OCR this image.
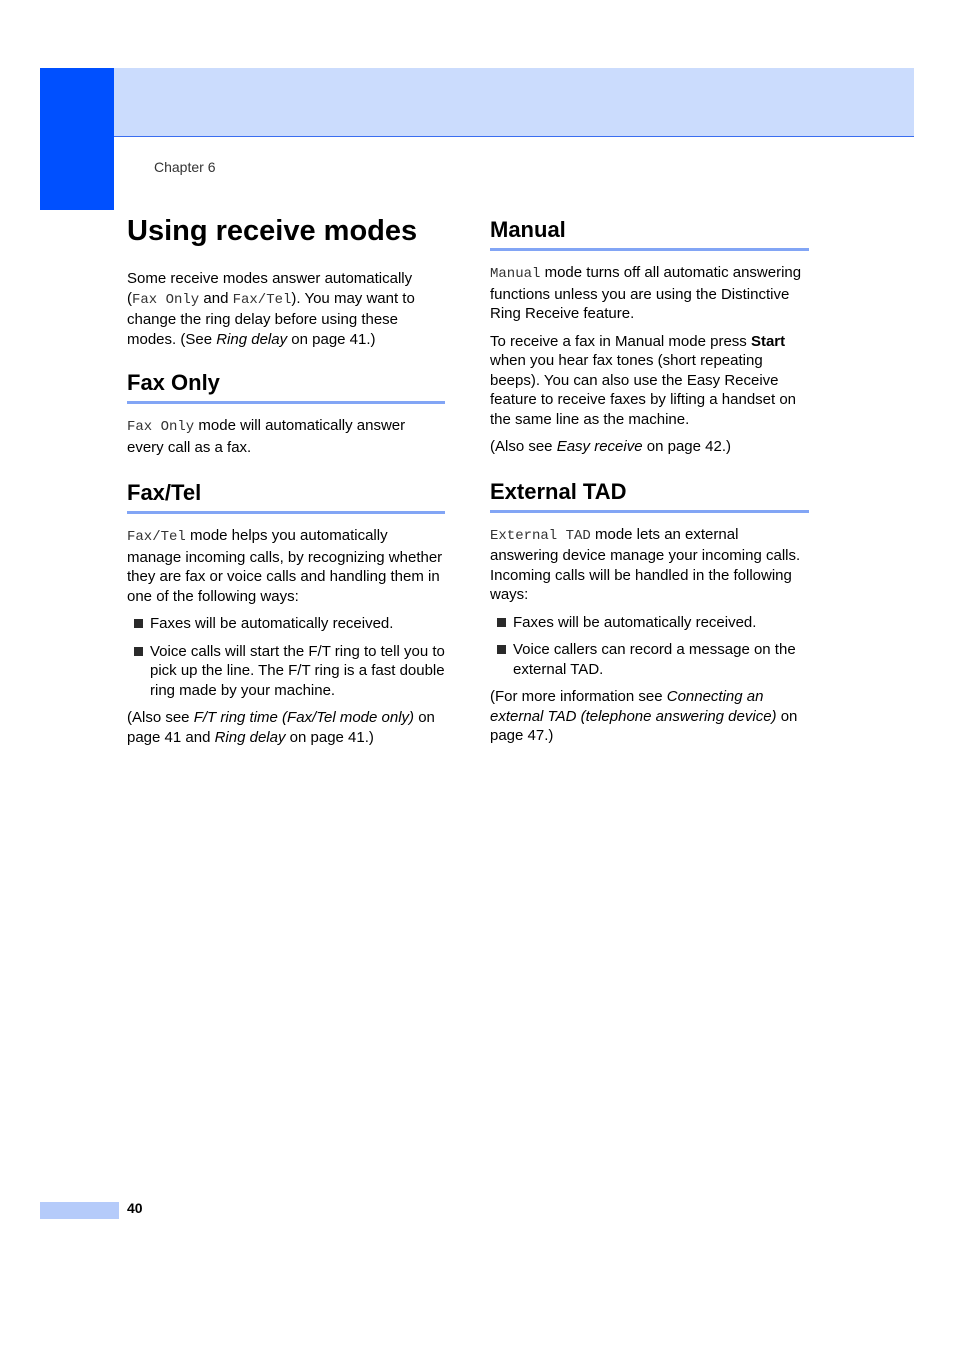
Chapter 6
Using receive modes

Some receive modes answer automatically (Fax Only and Fax/Tel). You may want to change the ring delay before using these modes. (See Ring delay on page 41.)

Fax Only

Fax Only mode will automatically answer every call as a fax.

Fax/Tel

Fax/Tel mode helps you automatically manage incoming calls, by recognizing whether they are fax or voice calls and handling them in one of the following ways:

Faxes will be automatically received.
Voice calls will start the F/T ring to tell you to pick up the line. The F/T ring is a fast double ring made by your machine.

(Also see F/T ring time (Fax/Tel mode only) on page 41 and Ring delay on page 41.)

Manual

Manual mode turns off all automatic answering functions unless you are using the Distinctive Ring Receive feature.

To receive a fax in Manual mode press Start when you hear fax tones (short repeating beeps). You can also use the Easy Receive feature to receive faxes by lifting a handset on the same line as the machine.

(Also see Easy receive on page 42.)

External TAD

External TAD mode lets an external answering device manage your incoming calls. Incoming calls will be handled in the following ways:

Faxes will be automatically received.
Voice callers can record a message on the external TAD.

(For more information see Connecting an external TAD (telephone answering device) on page 47.)

40
